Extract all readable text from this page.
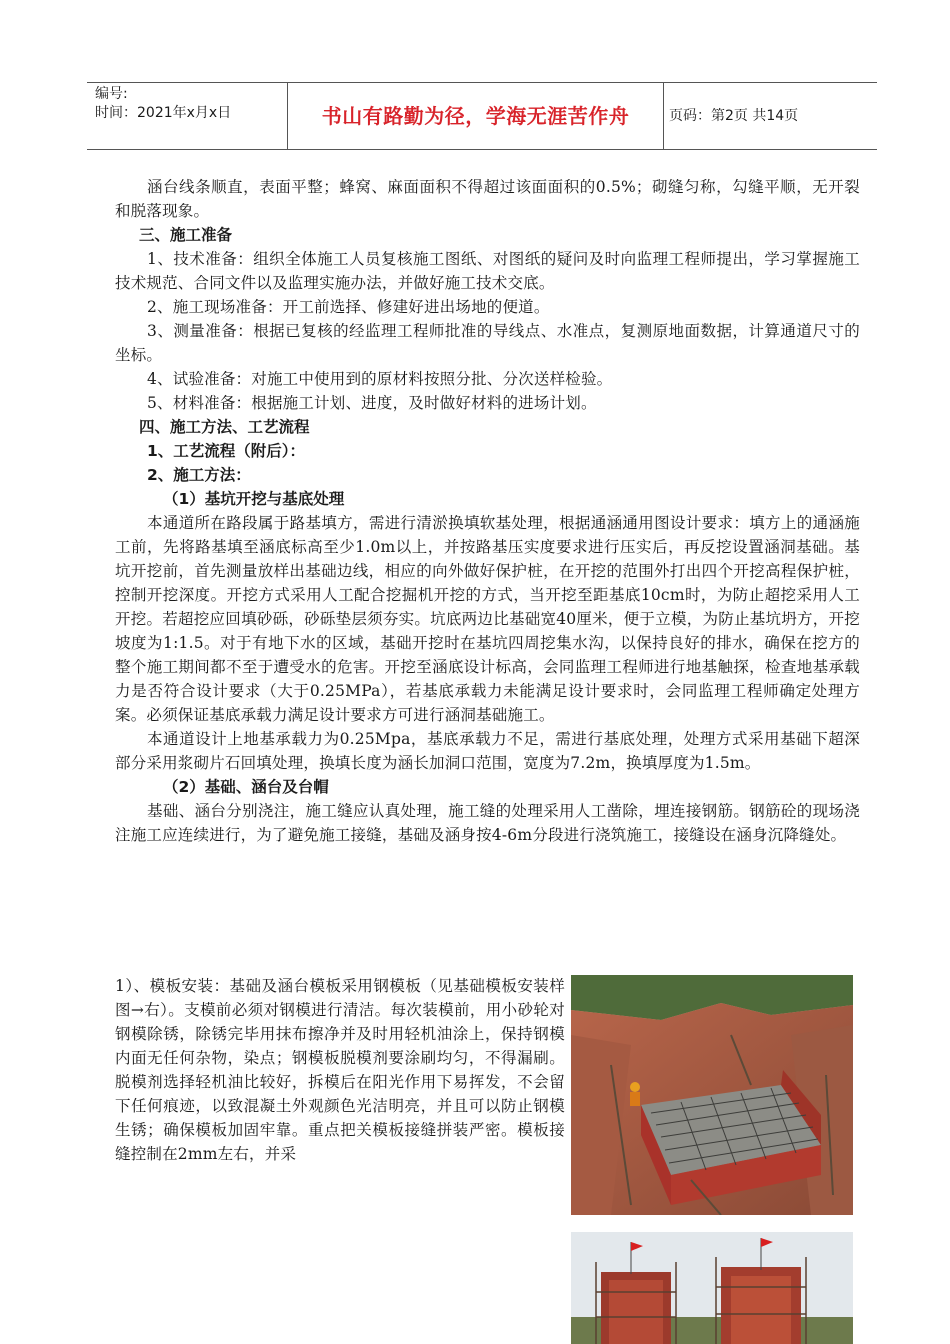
编号:
时间：2021年x月x日	书山有路勤为径，学海无涯苦作舟	页码：第2页 共14页

涵台线条顺直，表面平整；蜂窝、麻面面积不得超过该面面积的0.5%；砌缝匀称，勾缝平顺，无开裂和脱落现象。

三、施工准备

1、技术准备：组织全体施工人员复核施工图纸、对图纸的疑问及时向监理工程师提出，学习掌握施工技术规范、合同文件以及监理实施办法，并做好施工技术交底。

2、施工现场准备：开工前选择、修建好进出场地的便道。

3、测量准备：根据已复核的经监理工程师批准的导线点、水准点，复测原地面数据，计算通道尺寸的坐标。

4、试验准备：对施工中使用到的原材料按照分批、分次送样检验。

5、材料准备：根据施工计划、进度，及时做好材料的进场计划。

四、施工方法、工艺流程

1、工艺流程（附后）：

2、施工方法：

（1）基坑开挖与基底处理

本通道所在路段属于路基填方，需进行清淤换填软基处理，根据通涵通用图设计要求：填方上的通涵施工前，先将路基填至涵底标高至少1.0m以上，并按路基压实度要求进行压实后，再反挖设置涵洞基础。基坑开挖前，首先测量放样出基础边线，相应的向外做好保护桩，在开挖的范围外打出四个开挖高程保护桩，控制开挖深度。开挖方式采用人工配合挖掘机开挖的方式，当开挖至距基底10cm时，为防止超挖采用人工开挖。若超挖应回填砂砾，砂砾垫层须夯实。坑底两边比基础宽40厘米，便于立模，为防止基坑坍方，开挖坡度为1:1.5。对于有地下水的区域，基础开挖时在基坑四周挖集水沟，以保持良好的排水，确保在挖方的整个施工期间都不至于遭受水的危害。开挖至涵底设计标高，会同监理工程师进行地基触探，检查地基承载力是否符合设计要求（大于0.25MPa），若基底承载力未能满足设计要求时，会同监理工程师确定处理方案。必须保证基底承载力满足设计要求方可进行涵洞基础施工。

本通道设计上地基承载力为0.25Mpa，基底承载力不足，需进行基底处理，处理方式采用基础下超深部分采用浆砌片石回填处理，换填长度为涵长加洞口范围，宽度为7.2m，换填厚度为1.5m。

（2）基础、涵台及台帽

基础、涵台分别浇注，施工缝应认真处理，施工缝的处理采用人工凿除，埋连接钢筋。钢筋砼的现场浇注施工应连续进行，为了避免施工接缝，基础及涵身按4-6m分段进行浇筑施工，接缝设在涵身沉降缝处。

1）、模板安装：基础及涵台模板采用钢模板（见基础模板安装样图→右）。支模前必须对钢模进行清洁。每次装模前，用小砂轮对钢模除锈，除锈完毕用抹布擦净并及时用轻机油涂上，保持钢模内面无任何杂物，染点；钢模板脱模剂要涂刷均匀，不得漏刷。脱模剂选择轻机油比较好，拆模后在阳光作用下易挥发，不会留下任何痕迹，以致混凝土外观颜色光洁明亮，并且可以防止钢模生锈；确保模板加固牢靠。重点把关模板接缝拼装严密。模板接缝控制在2mm左右，并采
